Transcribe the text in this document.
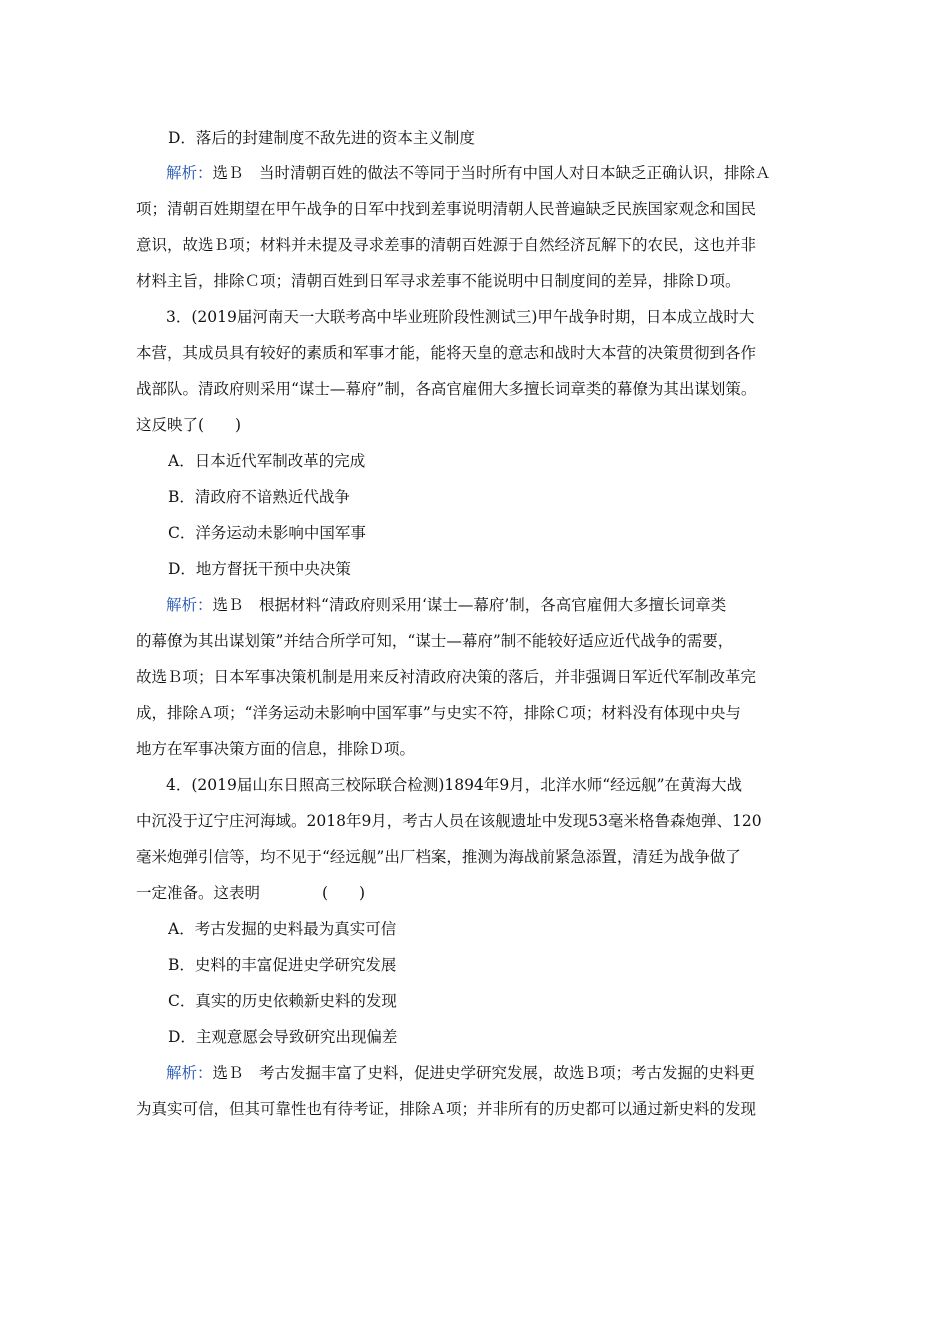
D．落后的封建制度不敌先进的资本主义制度
解析：选Ｂ　当时清朝百姓的做法不等同于当时所有中国人对日本缺乏正确认识，排除Ａ
项；清朝百姓期望在甲午战争的日军中找到差事说明清朝人民普遍缺乏民族国家观念和国民
意识，故选Ｂ项；材料并未提及寻求差事的清朝百姓源于自然经济瓦解下的农民，这也并非
材料主旨，排除Ｃ项；清朝百姓到日军寻求差事不能说明中日制度间的差异，排除Ｄ项。
3．(2019届河南天一大联考高中毕业班阶段性测试三)甲午战争时期，日本成立战时大
本营，其成员具有较好的素质和军事才能，能将天皇的意志和战时大本营的决策贯彻到各作
战部队。清政府则采用“谋士—幕府”制，各高官雇佣大多擅长词章类的幕僚为其出谋划策。
这反映了(　　)
A．日本近代军制改革的完成
B．清政府不谙熟近代战争
C．洋务运动未影响中国军事
D．地方督抚干预中央决策
解析：选Ｂ　根据材料“清政府则采用‘谋士—幕府’制，各高官雇佣大多擅长词章类
的幕僚为其出谋划策”并结合所学可知，“谋士—幕府”制不能较好适应近代战争的需要，
故选Ｂ项；日本军事决策机制是用来反衬清政府决策的落后，并非强调日军近代军制改革完
成，排除Ａ项；“洋务运动未影响中国军事”与史实不符，排除Ｃ项；材料没有体现中央与
地方在军事决策方面的信息，排除Ｄ项。
4．(2019届山东日照高三校际联合检测)1894年9月，北洋水师“经远舰”在黄海大战
中沉没于辽宁庄河海域。2018年9月，考古人员在该舰遗址中发现53毫米格鲁森炮弹、120
毫米炮弹引信等，均不见于“经远舰”出厂档案，推测为海战前紧急添置，清廷为战争做了
一定准备。这表明　　　　(　　)
A．考古发掘的史料最为真实可信
B．史料的丰富促进史学研究发展
C．真实的历史依赖新史料的发现
D．主观意愿会导致研究出现偏差
解析：选Ｂ　考古发掘丰富了史料，促进史学研究发展，故选Ｂ项；考古发掘的史料更
为真实可信，但其可靠性也有待考证，排除Ａ项；并非所有的历史都可以通过新史料的发现
